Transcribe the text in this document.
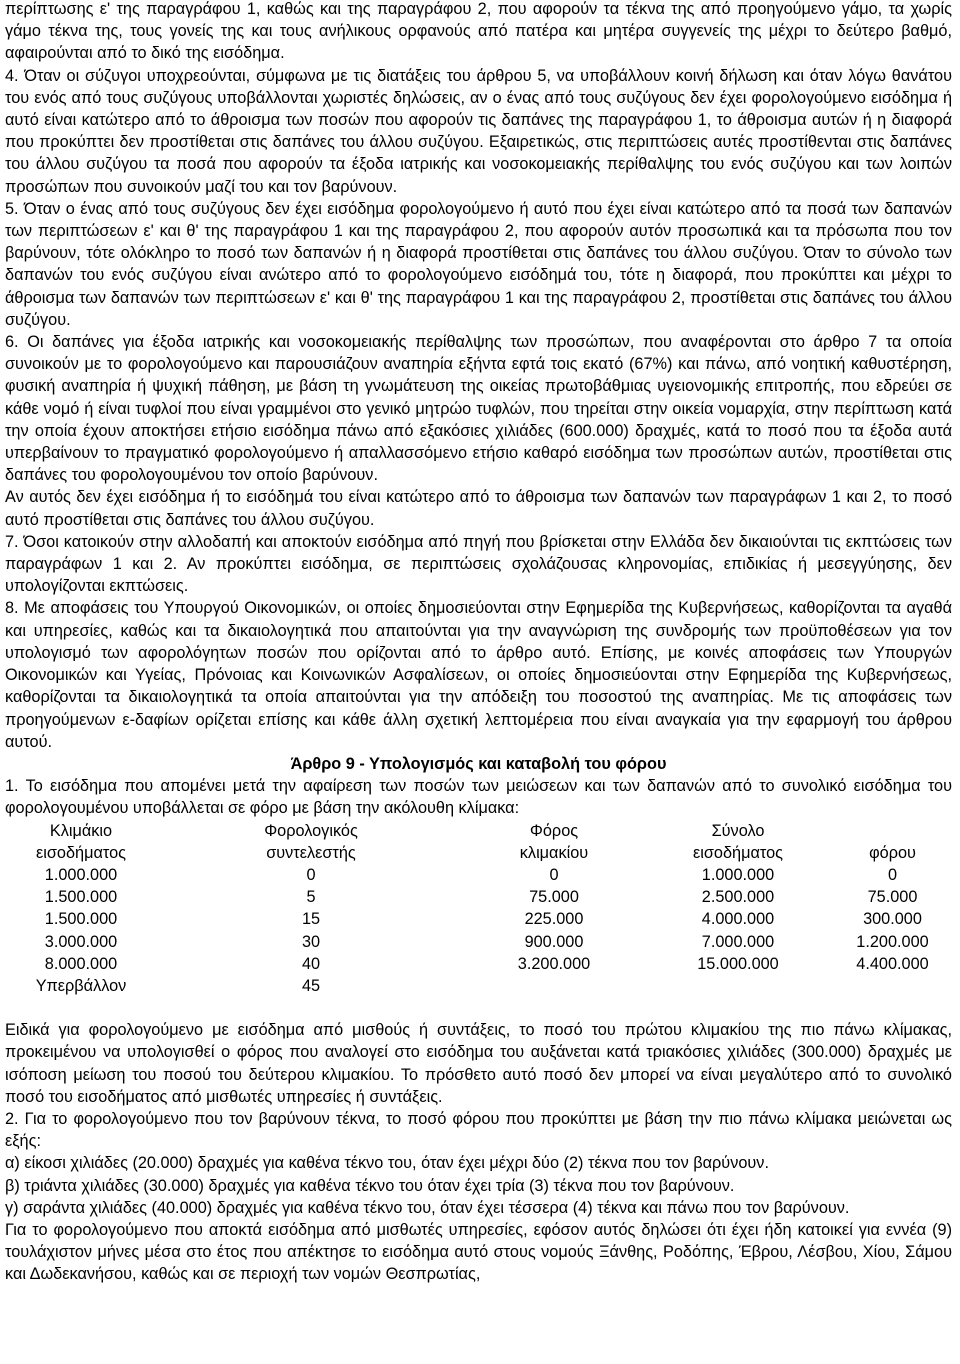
περίπτωσης ε' της παραγράφου 1, καθώς και της παραγράφου 2, που αφορούν τα τέκνα της από προηγούμενο γάμο, τα χωρίς γάμο τέκνα της, τους γονείς της και τους ανήλικους ορφανούς από πατέρα και μητέρα συγγενείς της μέχρι το δεύτερο βαθμό, αφαιρούνται από το δικό της εισόδημα.

4. Όταν οι σύζυγοι υποχρεούνται, σύμφωνα με τις διατάξεις του άρθρου 5, να υποβάλλουν κοινή δήλωση και όταν λόγω θανάτου του ενός από τους συζύγους υποβάλλονται χωριστές δηλώσεις, αν ο ένας από τους συζύγους δεν έχει φορολογούμενο εισόδημα ή αυτό είναι κατώτερο από το άθροισμα των ποσών που αφορούν τις δαπάνες της παραγράφου 1, το άθροισμα αυτών ή η διαφορά που προκύπτει δεν προστίθεται στις δαπάνες του άλλου συζύγου. Εξαιρετικώς, στις περιπτώσεις αυτές προστίθενται στις δαπάνες του άλλου συζύγου τα ποσά που αφορούν τα έξοδα ιατρικής και νοσοκομειακής περίθαλψης του ενός συζύγου και των λοιπών προσώπων που συνοικούν μαζί του και τον βαρύνουν.

5. Όταν ο ένας από τους συζύγους δεν έχει εισόδημα φορολογούμενο ή αυτό που έχει είναι κατώτερο από τα ποσά των δαπανών των περιπτώσεων ε' και θ' της παραγράφου 1 και της παραγράφου 2, που αφορούν αυτόν προσωπικά και τα πρόσωπα που τον βαρύνουν, τότε ολόκληρο το ποσό των δαπανών ή η διαφορά προστίθεται στις δαπάνες του άλλου συζύγου. Όταν το σύνολο των δαπανών του ενός συζύγου είναι ανώτερο από το φορολογούμενο εισόδημά του, τότε η διαφορά, που προκύπτει και μέχρι το άθροισμα των δαπανών των περιπτώσεων ε' και θ' της παραγράφου 1 και της παραγράφου 2, προστίθεται στις δαπάνες του άλλου συζύγου.

6. Οι δαπάνες για έξοδα ιατρικής και νοσοκομειακής περίθαλψης των προσώπων, που αναφέρονται στο άρθρο 7 τα οποία συνοικούν με το φορολογούμενο και παρουσιάζουν αναπηρία εξήντα εφτά τοις εκατό (67%) και πάνω, από νοητική καθυστέρηση, φυσική αναπηρία ή ψυχική πάθηση, με βάση τη γνωμάτευση της οικείας πρωτοβάθμιας υγειονομικής επιτροπής, που εδρεύει σε κάθε νομό ή είναι τυφλοί που είναι γραμμένοι στο γενικό μητρώο τυφλών, που τηρείται στην οικεία νομαρχία, στην περίπτωση κατά την οποία έχουν αποκτήσει ετήσιο εισόδημα πάνω από εξακόσιες χιλιάδες (600.000) δραχμές, κατά το ποσό που τα έξοδα αυτά υπερβαίνουν το πραγματικό φορολογούμενο ή απαλλασσόμενο ετήσιο καθαρό εισόδημα των προσώπων αυτών, προστίθεται στις δαπάνες του φορολογουμένου τον οποίο βαρύνουν.

Αν αυτός δεν έχει εισόδημα ή το εισόδημά του είναι κατώτερο από το άθροισμα των δαπανών των παραγράφων 1 και 2, το ποσό αυτό προστίθεται στις δαπάνες του άλλου συζύγου.

7. Όσοι κατοικούν στην αλλοδαπή και αποκτούν εισόδημα από πηγή που βρίσκεται στην Ελλάδα δεν δικαιούνται τις εκπτώσεις των παραγράφων 1 και 2. Αν προκύπτει εισόδημα, σε περιπτώσεις σχολάζουσας κληρονομίας, επιδικίας ή μεσεγγύησης, δεν υπολογίζονται εκπτώσεις.

8. Με αποφάσεις του Υπουργού Οικονομικών, οι οποίες δημοσιεύονται στην Εφημερίδα της Κυβερνήσεως, καθορίζονται τα αγαθά και υπηρεσίες, καθώς και τα δικαιολογητικά που απαιτούνται για την αναγνώριση της συνδρομής των προϋποθέσεων για τον υπολογισμό των αφορολόγητων ποσών που ορίζονται από το άρθρο αυτό. Επίσης, με κοινές αποφάσεις των Υπουργών Οικονομικών και Υγείας, Πρόνοιας και Κοινωνικών Ασφαλίσεων, οι οποίες δημοσιεύονται στην Εφημερίδα της Κυβερνήσεως, καθορίζονται τα δικαιολογητικά τα οποία απαιτούνται για την απόδειξη του ποσοστού της αναπηρίας. Με τις αποφάσεις των προηγούμενων ε-δαφίων ορίζεται επίσης και κάθε άλλη σχετική λεπτομέρεια που είναι αναγκαία για την εφαρμογή του άρθρου αυτού.

Άρθρο 9 - Υπολογισμός και καταβολή του φόρου

1. Το εισόδημα που απομένει μετά την αφαίρεση των ποσών των μειώσεων και των δαπανών από το συνολικό εισόδημα του φορολογουμένου υποβάλλεται σε φόρο με βάση την ακόλουθη κλίμακα:

Κλιμάκιο	Φορολογικός	Φόρος	Σύνολο	
εισοδήματος	συντελεστής	κλιμακίου	εισοδήματος	φόρου
1.000.000	0	0	1.000.000	0
1.500.000	5	75.000	2.500.000	75.000
1.500.000	15	225.000	4.000.000	300.000
3.000.000	30	900.000	7.000.000	1.200.000
8.000.000	40	3.200.000	15.000.000	4.400.000
Υπερβάλλον	45			

Ειδικά για φορολογούμενο με εισόδημα από μισθούς ή συντάξεις, το ποσό του πρώτου κλιμακίου της πιο πάνω κλίμακας, προκειμένου να υπολογισθεί ο φόρος που αναλογεί στο εισόδημα του αυξάνεται κατά τριακόσιες χιλιάδες (300.000) δραχμές με ισόποση μείωση του ποσού του δεύτερου κλιμακίου. Το πρόσθετο αυτό ποσό δεν μπορεί να είναι μεγαλύτερο από το συνολικό ποσό του εισοδήματος από μισθωτές υπηρεσίες ή συντάξεις.

2. Για το φορολογούμενο που τον βαρύνουν τέκνα, το ποσό φόρου που προκύπτει με βάση την πιο πάνω κλίμακα μειώνεται ως εξής:

α) είκοσι χιλιάδες (20.000) δραχμές για καθένα τέκνο του, όταν έχει μέχρι δύο (2) τέκνα που τον βαρύνουν.

β) τριάντα χιλιάδες (30.000) δραχμές για καθένα τέκνο του όταν έχει τρία (3) τέκνα που τον βαρύνουν.

γ) σαράντα χιλιάδες (40.000) δραχμές για καθένα τέκνο του, όταν έχει τέσσερα (4) τέκνα και πάνω που τον βαρύνουν.

Για το φορολογούμενο που αποκτά εισόδημα από μισθωτές υπηρεσίες, εφόσον αυτός δηλώσει ότι έχει ήδη κατοικεί για εννέα (9) τουλάχιστον μήνες μέσα στο έτος που απέκτησε το εισόδημα αυτό στους νομούς Ξάνθης, Ροδόπης, Έβρου, Λέσβου, Χίου, Σάμου και Δωδεκανήσου, καθώς και σε περιοχή των νομών Θεσπρωτίας,
